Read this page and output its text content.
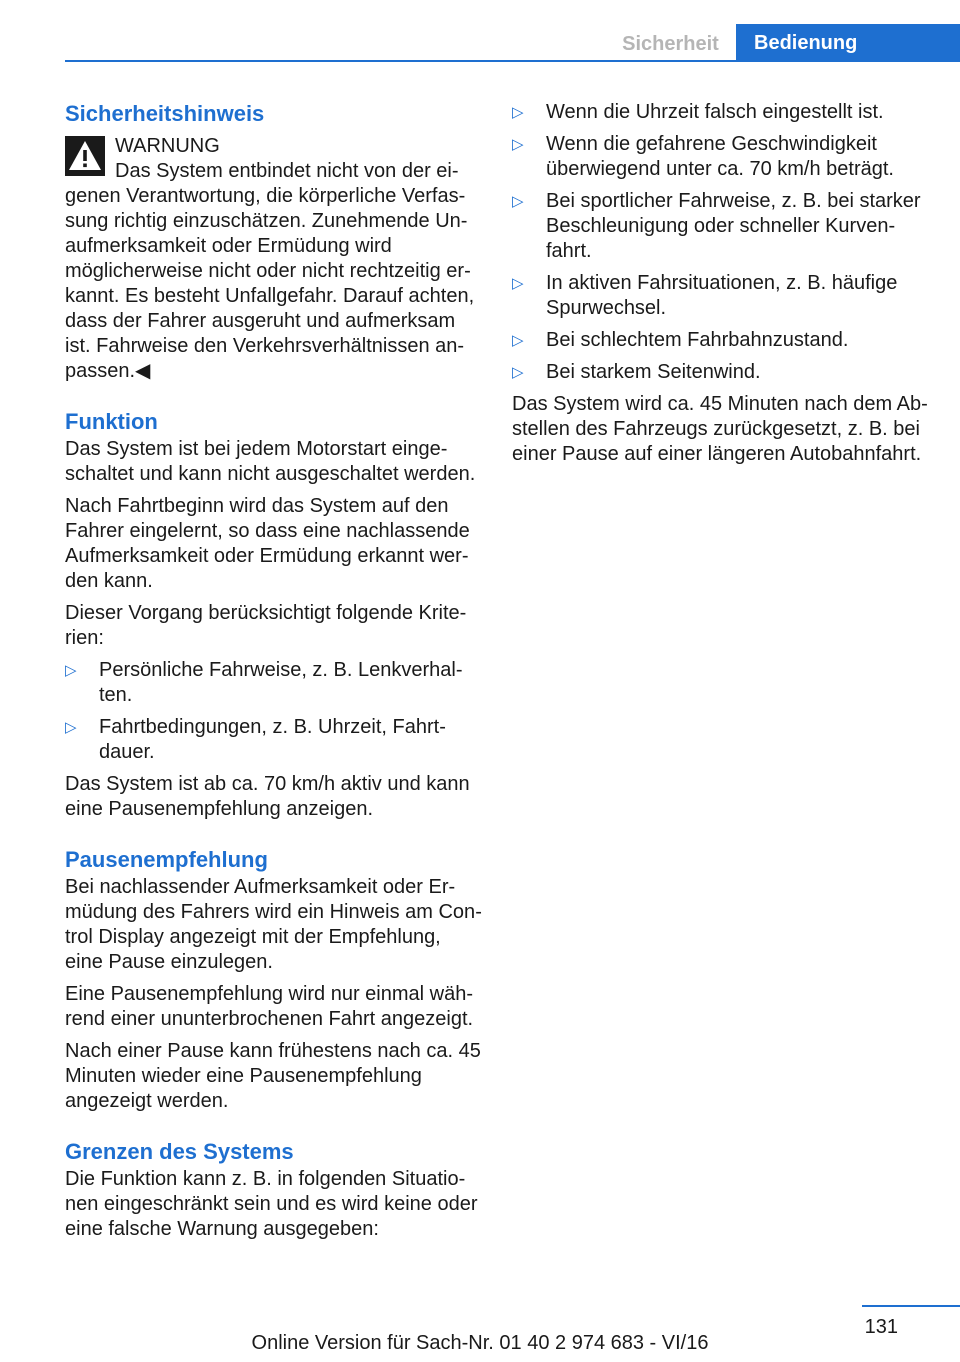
Sicherheit	Bedienung
Sicherheitshinweis
WARNUNG
Das System entbindet nicht von der eigenen Verantwortung, die körperliche Verfassung richtig einzuschätzen. Zunehmende Unaufmerksamkeit oder Ermüdung wird möglicherweise nicht oder nicht rechtzeitig erkannt. Es besteht Unfallgefahr. Darauf achten, dass der Fahrer ausgeruht und aufmerksam ist. Fahrweise den Verkehrsverhältnissen anpassen.◀
Funktion

Das System ist bei jedem Motorstart eingeschaltet und kann nicht ausgeschaltet werden.

Nach Fahrtbeginn wird das System auf den Fahrer eingelernt, so dass eine nachlassende Aufmerksamkeit oder Ermüdung erkannt werden kann.

Dieser Vorgang berücksichtigt folgende Kriterien:

▷	Persönliche Fahrweise, z. B. Lenkverhalten.
▷	Fahrtbedingungen, z. B. Uhrzeit, Fahrtdauer.

Das System ist ab ca. 70 km/h aktiv und kann eine Pausenempfehlung anzeigen.

Pausenempfehlung

Bei nachlassender Aufmerksamkeit oder Ermüdung des Fahrers wird ein Hinweis am Control Display angezeigt mit der Empfehlung, eine Pause einzulegen.

Eine Pausenempfehlung wird nur einmal während einer ununterbrochenen Fahrt angezeigt.

Nach einer Pause kann frühestens nach ca. 45 Minuten wieder eine Pausenempfehlung angezeigt werden.

Grenzen des Systems

Die Funktion kann z. B. in folgenden Situationen eingeschränkt sein und es wird keine oder eine falsche Warnung ausgegeben:

▷	Wenn die Uhrzeit falsch eingestellt ist.
▷	Wenn die gefahrene Geschwindigkeit überwiegend unter ca. 70 km/h beträgt.
▷	Bei sportlicher Fahrweise, z. B. bei starker Beschleunigung oder schneller Kurvenfahrt.
▷	In aktiven Fahrsituationen, z. B. häufige Spurwechsel.
▷	Bei schlechtem Fahrbahnzustand.
▷	Bei starkem Seitenwind.

Das System wird ca. 45 Minuten nach dem Abstellen des Fahrzeugs zurückgesetzt, z. B. bei einer Pause auf einer längeren Autobahnfahrt.

131
Online Version für Sach-Nr. 01 40 2 974 683 - VI/16
